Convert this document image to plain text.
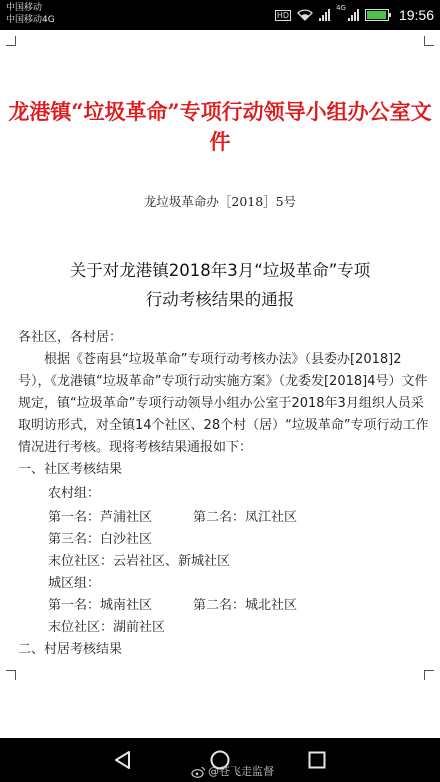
中国移动
中国移动4G	HD
4G	19:56
龙港镇“垃圾革命”专项行动领导小组办公室文件
龙垃圾革命办［2018］5号
关于对龙港镇2018年3月“垃圾革命”专项
行动考核结果的通报
各社区，各村居：
根据《苍南县“垃圾革命”专项行动考核办法》（县委办[2018]2号），《龙港镇“垃圾革命”专项行动实施方案》（龙委发[2018]4号）文件规定，镇“垃圾革命”专项行动领导小组办公室于2018年3月组织人员采取明访形式，对全镇14个社区、28个村（居）“垃圾革命”专项行动工作情况进行考核。现将考核结果通报如下：
一、社区考核结果
农村组：
第一名：芦浦社区	第二名：凤江社区
第三名：白沙社区
末位社区：云岩社区、新城社区
城区组：
第一名：城南社区	第二名：城北社区
末位社区：湖前社区
二、村居考核结果
@苍飞走监督
